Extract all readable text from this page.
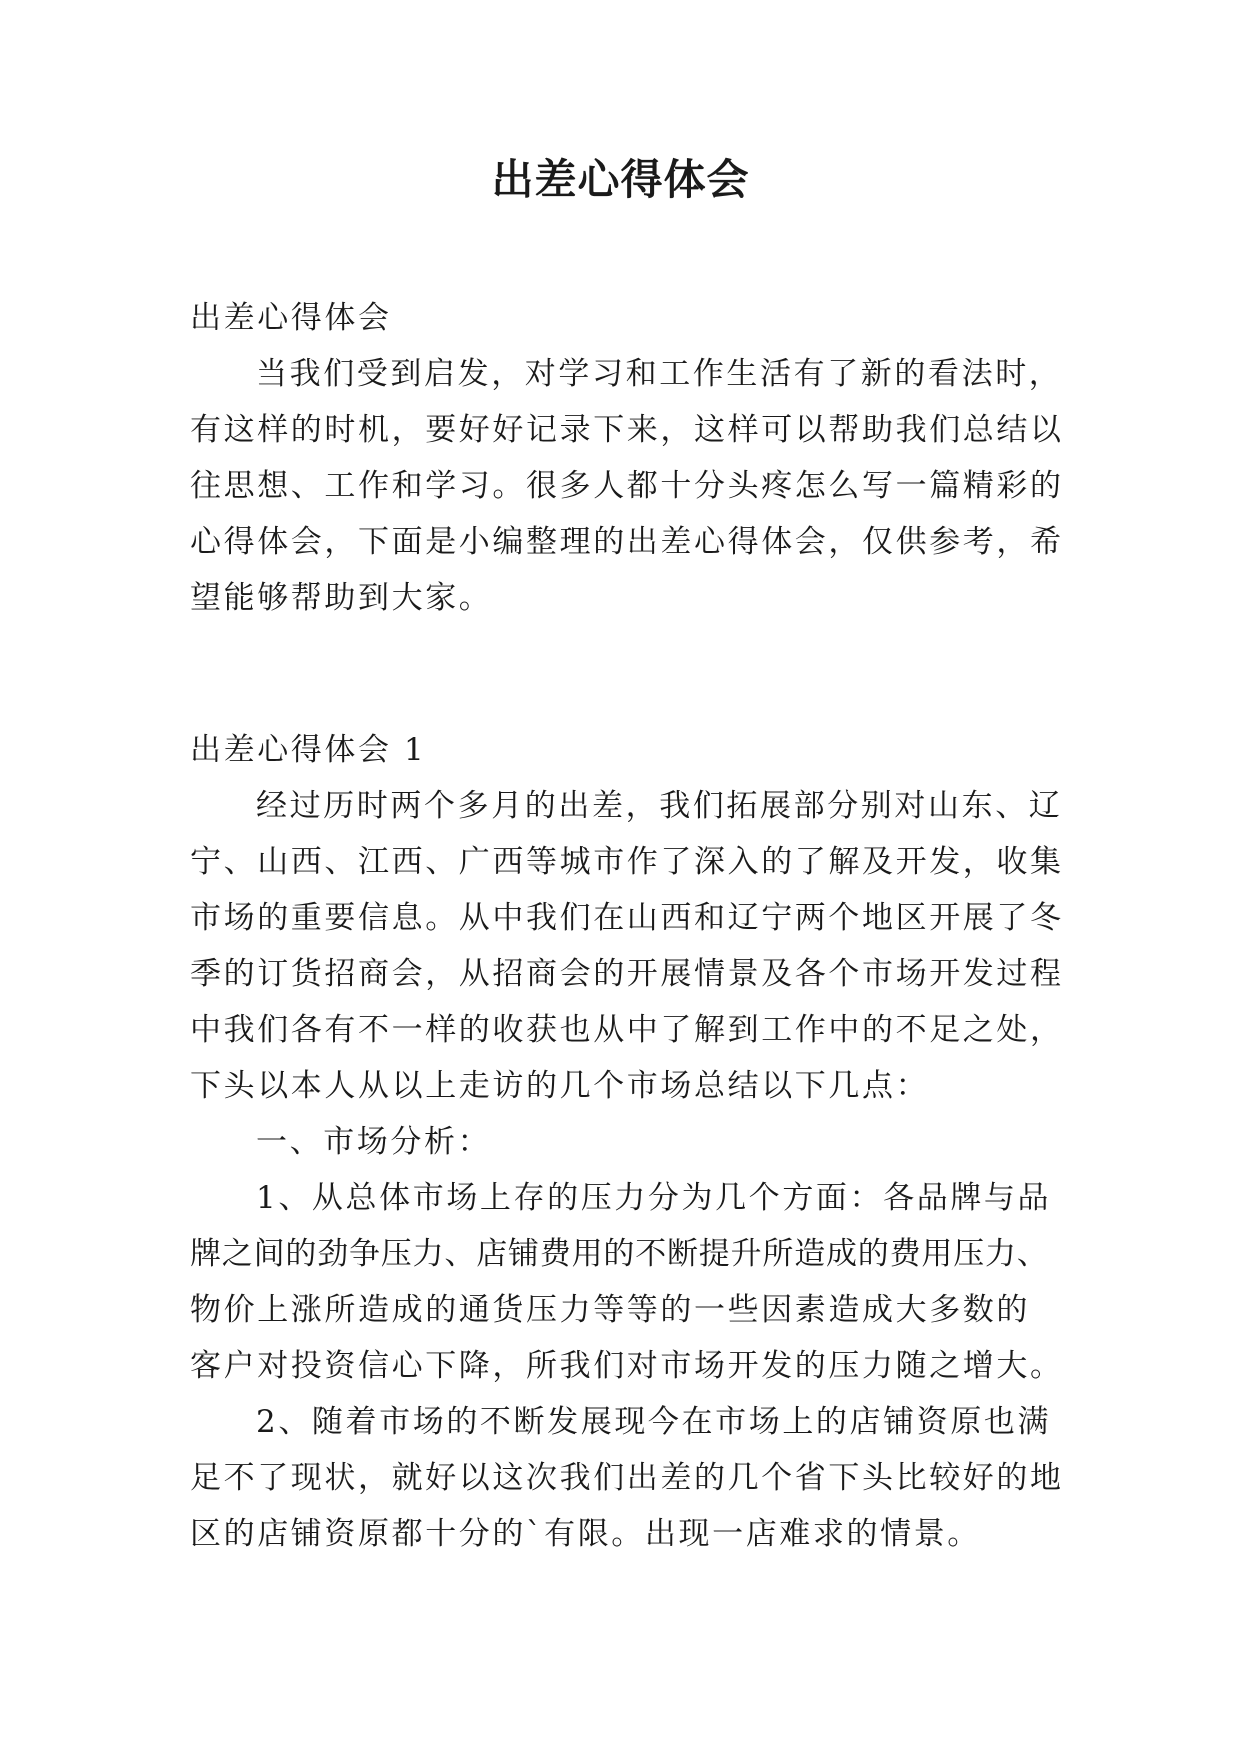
出差心得体会
出差心得体会
当我们受到启发，对学习和工作生活有了新的看法时，
有这样的时机，要好好记录下来，这样可以帮助我们总结以
往思想、工作和学习。很多人都十分头疼怎么写一篇精彩的
心得体会，下面是小编整理的出差心得体会，仅供参考，希
望能够帮助到大家。
出差心得体会 1
经过历时两个多月的出差，我们拓展部分别对山东、辽
宁、山西、江西、广西等城市作了深入的了解及开发，收集
市场的重要信息。从中我们在山西和辽宁两个地区开展了冬
季的订货招商会，从招商会的开展情景及各个市场开发过程
中我们各有不一样的收获也从中了解到工作中的不足之处，
下头以本人从以上走访的几个市场总结以下几点：
一、市场分析：
1、从总体市场上存的压力分为几个方面：各品牌与品
牌之间的劲争压力、店铺费用的不断提升所造成的费用压力、
物价上涨所造成的通货压力等等的一些因素造成大多数的
客户对投资信心下降，所我们对市场开发的压力随之增大。
2、随着市场的不断发展现今在市场上的店铺资原也满
足不了现状，就好以这次我们出差的几个省下头比较好的地
区的店铺资原都十分的`有限。出现一店难求的情景。
